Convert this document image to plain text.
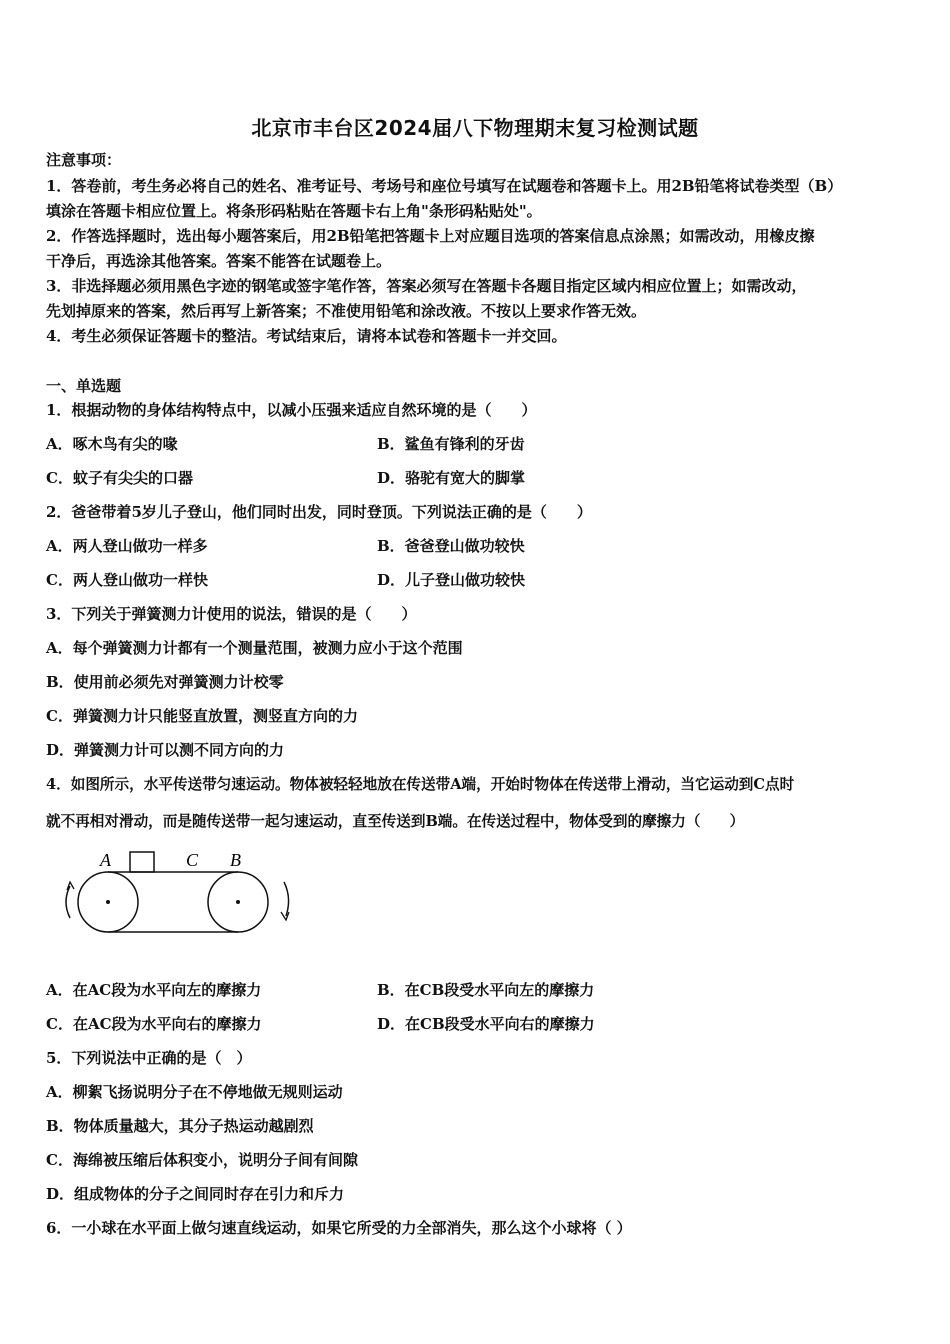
北京市丰台区2024届八下物理期末复习检测试题
注意事项：
1．答卷前，考生务必将自己的姓名、准考证号、考场号和座位号填写在试题卷和答题卡上。用2B铅笔将试卷类型（B）
填涂在答题卡相应位置上。将条形码粘贴在答题卡右上角"条形码粘贴处"。
2．作答选择题时，选出每小题答案后，用2B铅笔把答题卡上对应题目选项的答案信息点涂黑；如需改动，用橡皮擦
干净后，再选涂其他答案。答案不能答在试题卷上。
3．非选择题必须用黑色字迹的钢笔或签字笔作答，答案必须写在答题卡各题目指定区域内相应位置上；如需改动，
先划掉原来的答案，然后再写上新答案；不准使用铅笔和涂改液。不按以上要求作答无效。
4．考生必须保证答题卡的整洁。考试结束后，请将本试卷和答题卡一并交回。
一、单选题
1．根据动物的身体结构特点中，以减小压强来适应自然环境的是（　　）
A．啄木鸟有尖的喙	B．鲨鱼有锋利的牙齿
C．蚊子有尖尖的口器	D．骆驼有宽大的脚掌
2．爸爸带着5岁儿子登山，他们同时出发，同时登顶。下列说法正确的是（　　）
A．两人登山做功一样多	B．爸爸登山做功较快
C．两人登山做功一样快	D．儿子登山做功较快
3．下列关于弹簧测力计使用的说法，错误的是（　　）
A．每个弹簧测力计都有一个测量范围，被测力应小于这个范围
B．使用前必须先对弹簧测力计校零
C．弹簧测力计只能竖直放置，测竖直方向的力
D．弹簧测力计可以测不同方向的力
4．如图所示，水平传送带匀速运动。物体被轻轻地放在传送带A端，开始时物体在传送带上滑动，当它运动到C点时
就不再相对滑动，而是随传送带一起匀速运动，直至传送到B端。在传送过程中，物体受到的摩擦力（　　）
A	C B
A．在AC段为水平向左的摩擦力	B．在CB段受水平向左的摩擦力
C．在AC段为水平向右的摩擦力	D．在CB段受水平向右的摩擦力
5．下列说法中正确的是（　）
A．柳絮飞扬说明分子在不停地做无规则运动
B．物体质量越大，其分子热运动越剧烈
C．海绵被压缩后体积变小，说明分子间有间隙
D．组成物体的分子之间同时存在引力和斥力
6．一小球在水平面上做匀速直线运动，如果它所受的力全部消失，那么这个小球将（ ）
